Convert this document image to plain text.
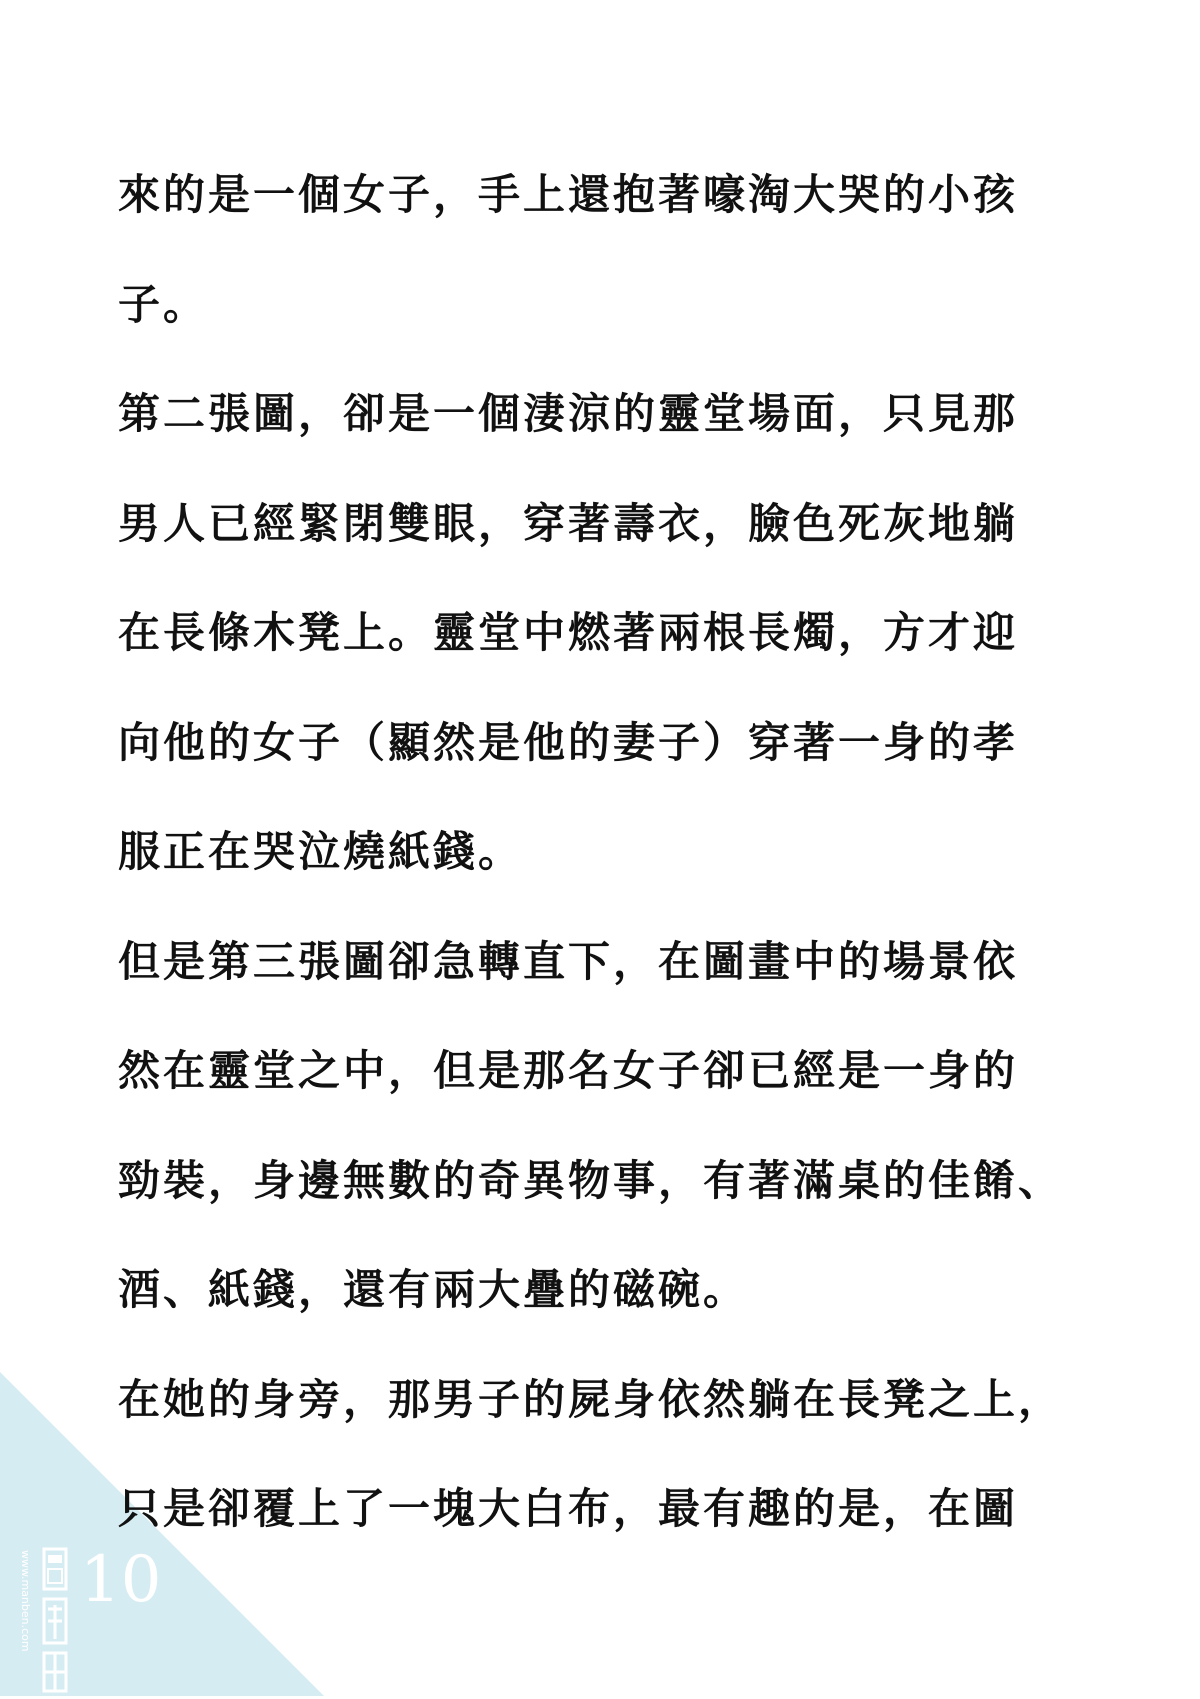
來的是一個女子，手上還抱著嚎淘大哭的小孩
子。
第二張圖，卻是一個淒涼的靈堂場面，只見那
男人已經緊閉雙眼，穿著壽衣，臉色死灰地躺
在長條木凳上。靈堂中燃著兩根長燭，方才迎
向他的女子（顯然是他的妻子）穿著一身的孝
服正在哭泣燒紙錢。
但是第三張圖卻急轉直下，在圖畫中的場景依
然在靈堂之中，但是那名女子卻已經是一身的
勁裝，身邊無數的奇異物事，有著滿桌的佳餚、
酒、紙錢，還有兩大疊的磁碗。
在她的身旁，那男子的屍身依然躺在長凳之上，
只是卻覆上了一塊大白布，最有趣的是，在圖
www.manben.com 10
